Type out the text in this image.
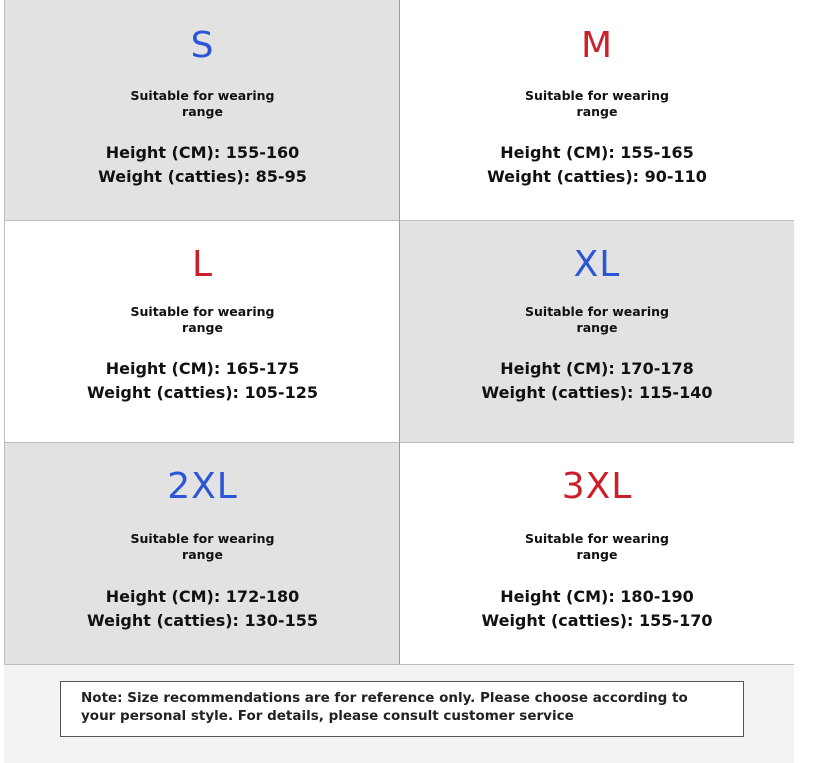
S
Suitable for wearing range
Height (CM): 155-160
Weight (catties): 85-95
M
Suitable for wearing range
Height (CM): 155-165
Weight (catties): 90-110
L
Suitable for wearing range
Height (CM): 165-175
Weight (catties): 105-125
XL
Suitable for wearing range
Height (CM): 170-178
Weight (catties): 115-140
2XL
Suitable for wearing range
Height (CM): 172-180
Weight (catties): 130-155
3XL
Suitable for wearing range
Height (CM): 180-190
Weight (catties): 155-170
Note: Size recommendations are for reference only. Please choose according to your personal style. For details, please consult customer service
